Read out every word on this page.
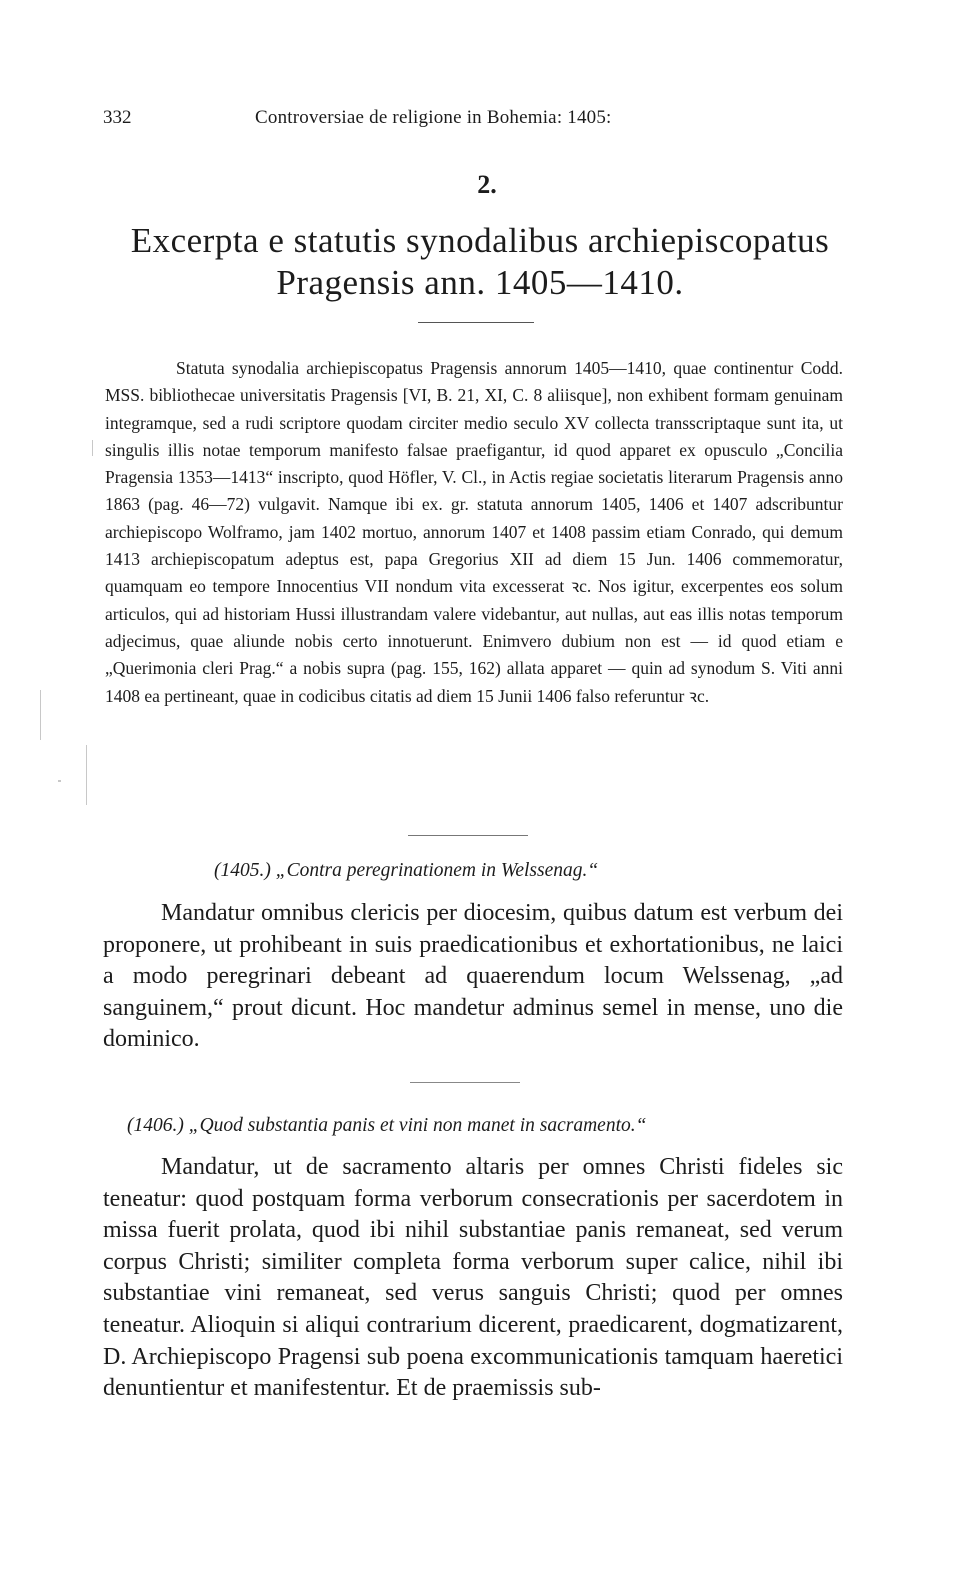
332	Controversiae de religione in Bohemia: 1405:
2.
Excerpta e statutis synodalibus archiepiscopatus Pragensis ann. 1405—1410.

Statuta synodalia archiepiscopatus Pragensis annorum 1405—1410, quae continentur Codd. MSS. bibliothecae universitatis Pragensis [VI, B. 21, XI, C. 8 aliisque], non exhibent formam genuinam integramque, sed a rudi scriptore quodam circiter medio seculo XV collecta transscriptaque sunt ita, ut singulis illis notae temporum manifesto falsae praefigantur, id quod apparet ex opusculo „Concilia Pragensia 1353—1413“ inscripto, quod Höfler, V. Cl., in Actis regiae societatis literarum Pragensis anno 1863 (pag. 46—72) vulgavit. Namque ibi ex. gr. statuta annorum 1405, 1406 et 1407 adscribuntur archiepiscopo Wolframo, jam 1402 mortuo, annorum 1407 et 1408 passim etiam Conrado, qui demum 1413 archiepiscopatum adeptus est, papa Gregorius XII ad diem 15 Jun. 1406 commemoratur, quamquam eo tempore Innocentius VII nondum vita excesserat ꝛc. Nos igitur, excerpentes eos solum articulos, qui ad historiam Hussi illustrandam valere videbantur, aut nullas, aut eas illis notas temporum adjecimus, quae aliunde nobis certo innotuerunt. Enimvero dubium non est — id quod etiam e „Querimonia cleri Prag.“ a nobis supra (pag. 155, 162) allata apparet — quin ad synodum S. Viti anni 1408 ea pertineant, quae in codicibus citatis ad diem 15 Junii 1406 falso referuntur ꝛc.

(1405.) „Contra peregrinationem in Welssenag.“

Mandatur omnibus clericis per diocesim, quibus datum est verbum dei proponere, ut prohibeant in suis praedicationibus et exhortationibus, ne laici a modo peregrinari debeant ad quaerendum locum Welssenag, „ad sanguinem,“ prout dicunt. Hoc mandetur adminus semel in mense, uno die dominico.

(1406.) „Quod substantia panis et vini non manet in sacramento.“

Mandatur, ut de sacramento altaris per omnes Christi fideles sic teneatur: quod postquam forma verborum consecrationis per sacerdotem in missa fuerit prolata, quod ibi nihil substantiae panis remaneat, sed verum corpus Christi; similiter completa forma verborum super calice, nihil ibi substantiae vini remaneat, sed verus sanguis Christi; quod per omnes teneatur. Alioquin si aliqui contrarium dicerent, praedicarent, dogmatizarent, D. Archiepiscopo Pragensi sub poena excommunicationis tamquam haeretici denuntientur et manifestentur. Et de praemissis sub-
